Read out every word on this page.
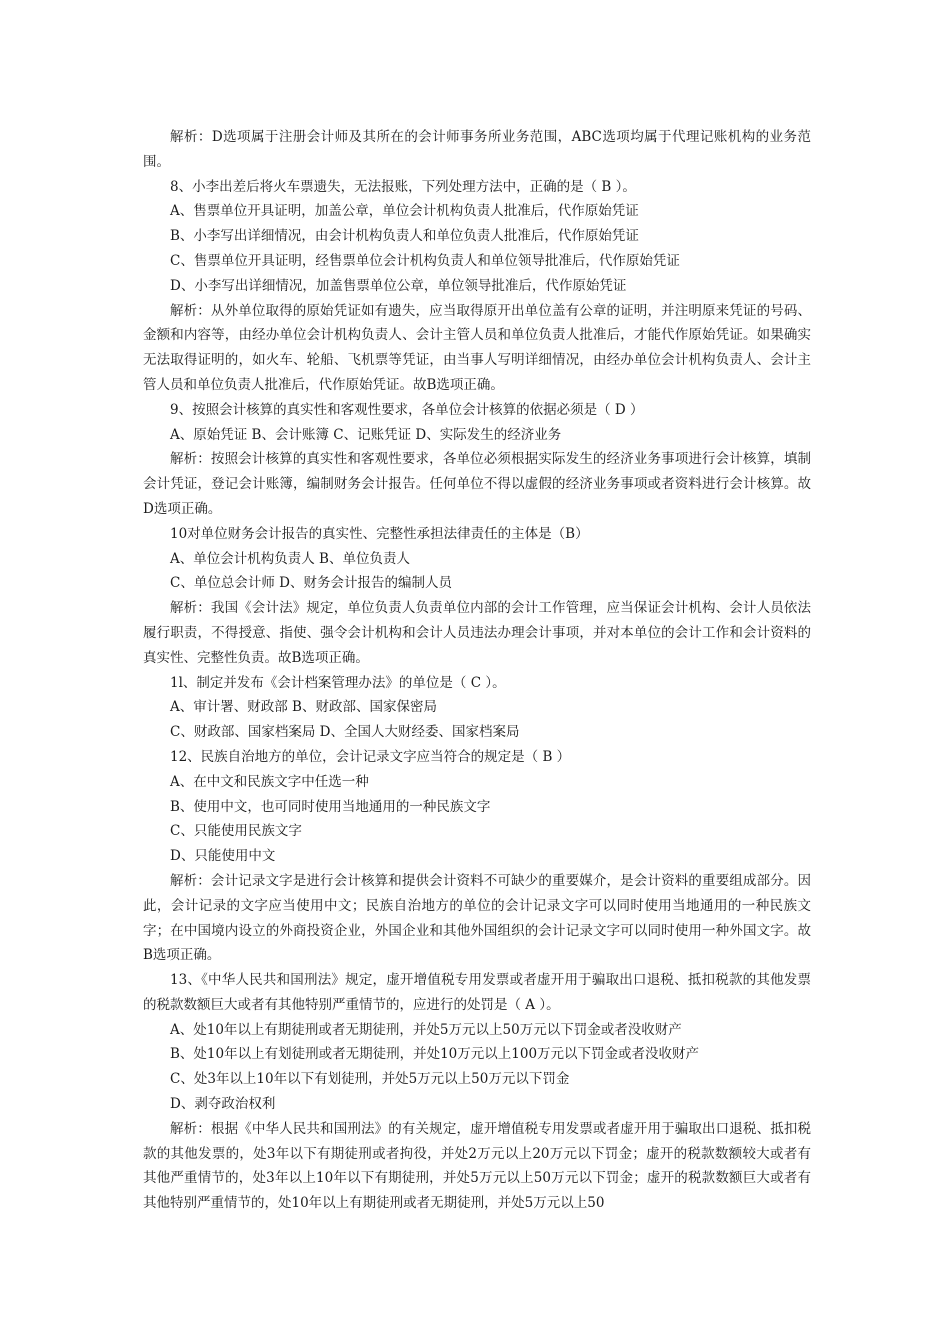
解析：D选项属于注册会计师及其所在的会计师事务所业务范围，ABC选项均属于代理记账机构的业务范围。

8、小李出差后将火车票遗失，无法报账，下列处理方法中，正确的是（ B ）。

A、售票单位开具证明，加盖公章，单位会计机构负责人批准后，代作原始凭证

B、小李写出详细情况，由会计机构负责人和单位负责人批准后，代作原始凭证

C、售票单位开具证明，经售票单位会计机构负责人和单位领导批准后，代作原始凭证

D、小李写出详细情况，加盖售票单位公章，单位领导批准后，代作原始凭证

解析：从外单位取得的原始凭证如有遗失，应当取得原开出单位盖有公章的证明，并注明原来凭证的号码、金额和内容等，由经办单位会计机构负责人、会计主管人员和单位负责人批准后，才能代作原始凭证。如果确实无法取得证明的，如火车、轮船、飞机票等凭证，由当事人写明详细情况，由经办单位会计机构负责人、会计主管人员和单位负责人批准后，代作原始凭证。故B选项正确。

9、按照会计核算的真实性和客观性要求，各单位会计核算的依据必须是（ D ）

A、原始凭证 B、会计账簿 C、记账凭证 D、实际发生的经济业务

解析：按照会计核算的真实性和客观性要求，各单位必须根据实际发生的经济业务事项进行会计核算，填制会计凭证，登记会计账簿，编制财务会计报告。任何单位不得以虚假的经济业务事项或者资料进行会计核算。故D选项正确。

10对单位财务会计报告的真实性、完整性承担法律责任的主体是（B）

A、单位会计机构负责人 B、单位负责人

C、单位总会计师 D、财务会计报告的编制人员

解析：我国《会计法》规定，单位负责人负责单位内部的会计工作管理，应当保证会计机构、会计人员依法履行职责，不得授意、指使、强令会计机构和会计人员违法办理会计事项，并对本单位的会计工作和会计资料的真实性、完整性负责。故B选项正确。

1l、制定并发布《会计档案管理办法》的单位是（ C ）。

A、审计署、财政部 B、财政部、国家保密局

C、财政部、国家档案局 D、全国人大财经委、国家档案局

12、民族自治地方的单位，会计记录文字应当符合的规定是（ B ）

A、在中文和民族文字中任选一种

B、使用中文，也可同时使用当地通用的一种民族文字

C、只能使用民族文字

D、只能使用中文

解析：会计记录文字是进行会计核算和提供会计资料不可缺少的重要媒介，是会计资料的重要组成部分。因此，会计记录的文字应当使用中文；民族自治地方的单位的会计记录文字可以同时使用当地通用的一种民族文字；在中国境内设立的外商投资企业，外国企业和其他外国组织的会计记录文字可以同时使用一种外国文字。故B选项正确。

13、《中华人民共和国刑法》规定，虚开增值税专用发票或者虚开用于骗取出口退税、抵扣税款的其他发票的税款数额巨大或者有其他特别严重情节的，应进行的处罚是（ A ）。

A、处10年以上有期徒刑或者无期徒刑，并处5万元以上50万元以下罚金或者没收财产

B、处10年以上有划徒刑或者无期徒刑，并处10万元以上100万元以下罚金或者没收财产

C、处3年以上10年以下有划徒刑，并处5万元以上50万元以下罚金

D、剥夺政治权利

解析：根据《中华人民共和国刑法》的有关规定，虚开增值税专用发票或者虚开用于骗取出口退税、抵扣税款的其他发票的，处3年以下有期徒刑或者拘役，并处2万元以上20万元以下罚金；虚开的税款数额较大或者有其他严重情节的，处3年以上10年以下有期徒刑，并处5万元以上50万元以下罚金；虚开的税款数额巨大或者有其他特别严重情节的，处10年以上有期徒刑或者无期徒刑，并处5万元以上50
